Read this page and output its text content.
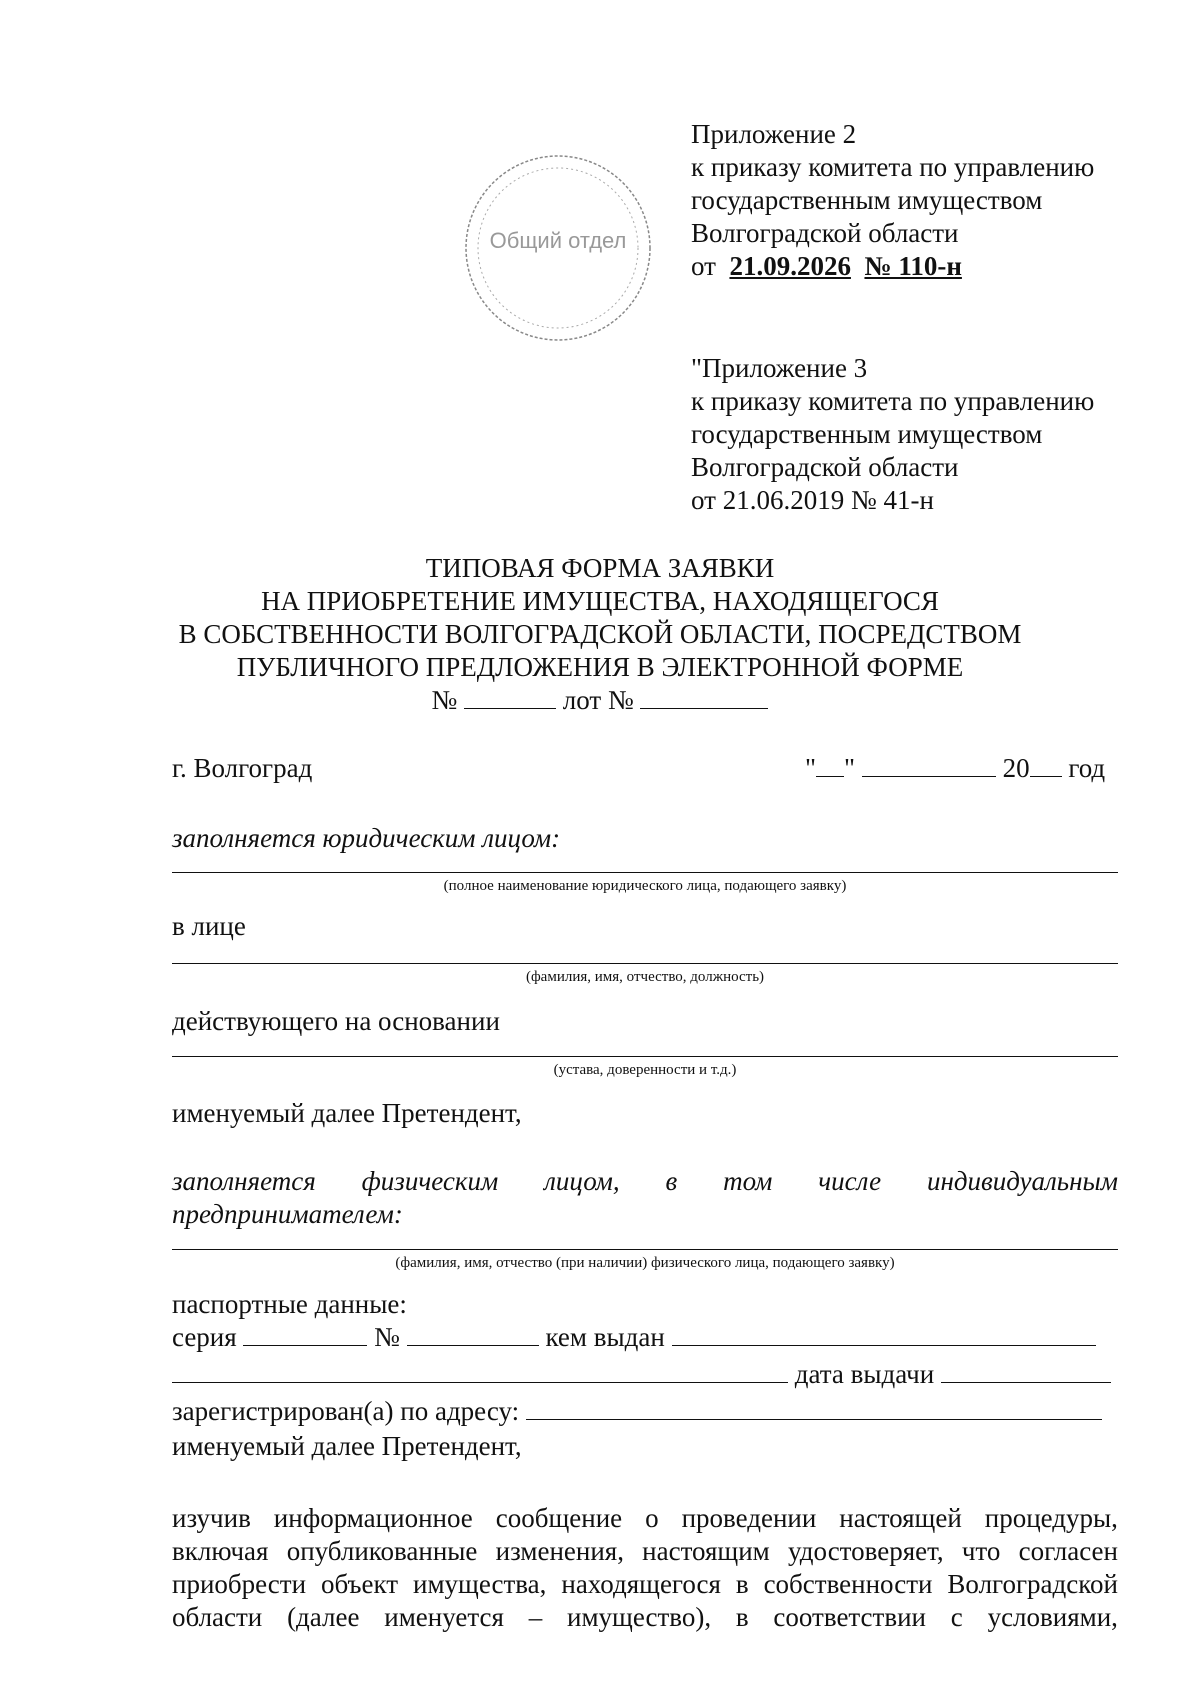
Общий отдел
Приложение 2
к приказу комитета по управлению
государственным имуществом
Волгоградской области
от 21.09.2026 № 110-н
"Приложение 3
к приказу комитета по управлению
государственным имуществом
Волгоградской области
от 21.06.2019 № 41-н
ТИПОВАЯ ФОРМА ЗАЯВКИ
НА ПРИОБРЕТЕНИЕ ИМУЩЕСТВА, НАХОДЯЩЕГОСЯ
В СОБСТВЕННОСТИ ВОЛГОГРАДСКОЙ ОБЛАСТИ, ПОСРЕДСТВОМ
ПУБЛИЧНОГО ПРЕДЛОЖЕНИЯ В ЭЛЕКТРОННОЙ ФОРМЕ
№	лот №
г. Волгоград	" "	20 год
заполняется юридическим лицом:
(полное наименование юридического лица, подающего заявку)
в лице
(фамилия, имя, отчество, должность)
действующего на основании
(устава, доверенности и т.д.)
именуемый далее Претендент,
заполняется физическим лицом, в том числе индивидуальным
предпринимателем:
(фамилия, имя, отчество (при наличии) физического лица, подающего заявку)
паспортные данные:
серия	№	кем выдан
дата выдачи
зарегистрирован(а) по адресу:
именуемый далее Претендент,
изучив информационное сообщение о проведении настоящей процедуры,
включая опубликованные изменения, настоящим удостоверяет, что согласен
приобрести объект имущества, находящегося в собственности Волгоградской
области (далее именуется – имущество), в соответствии с условиями,
